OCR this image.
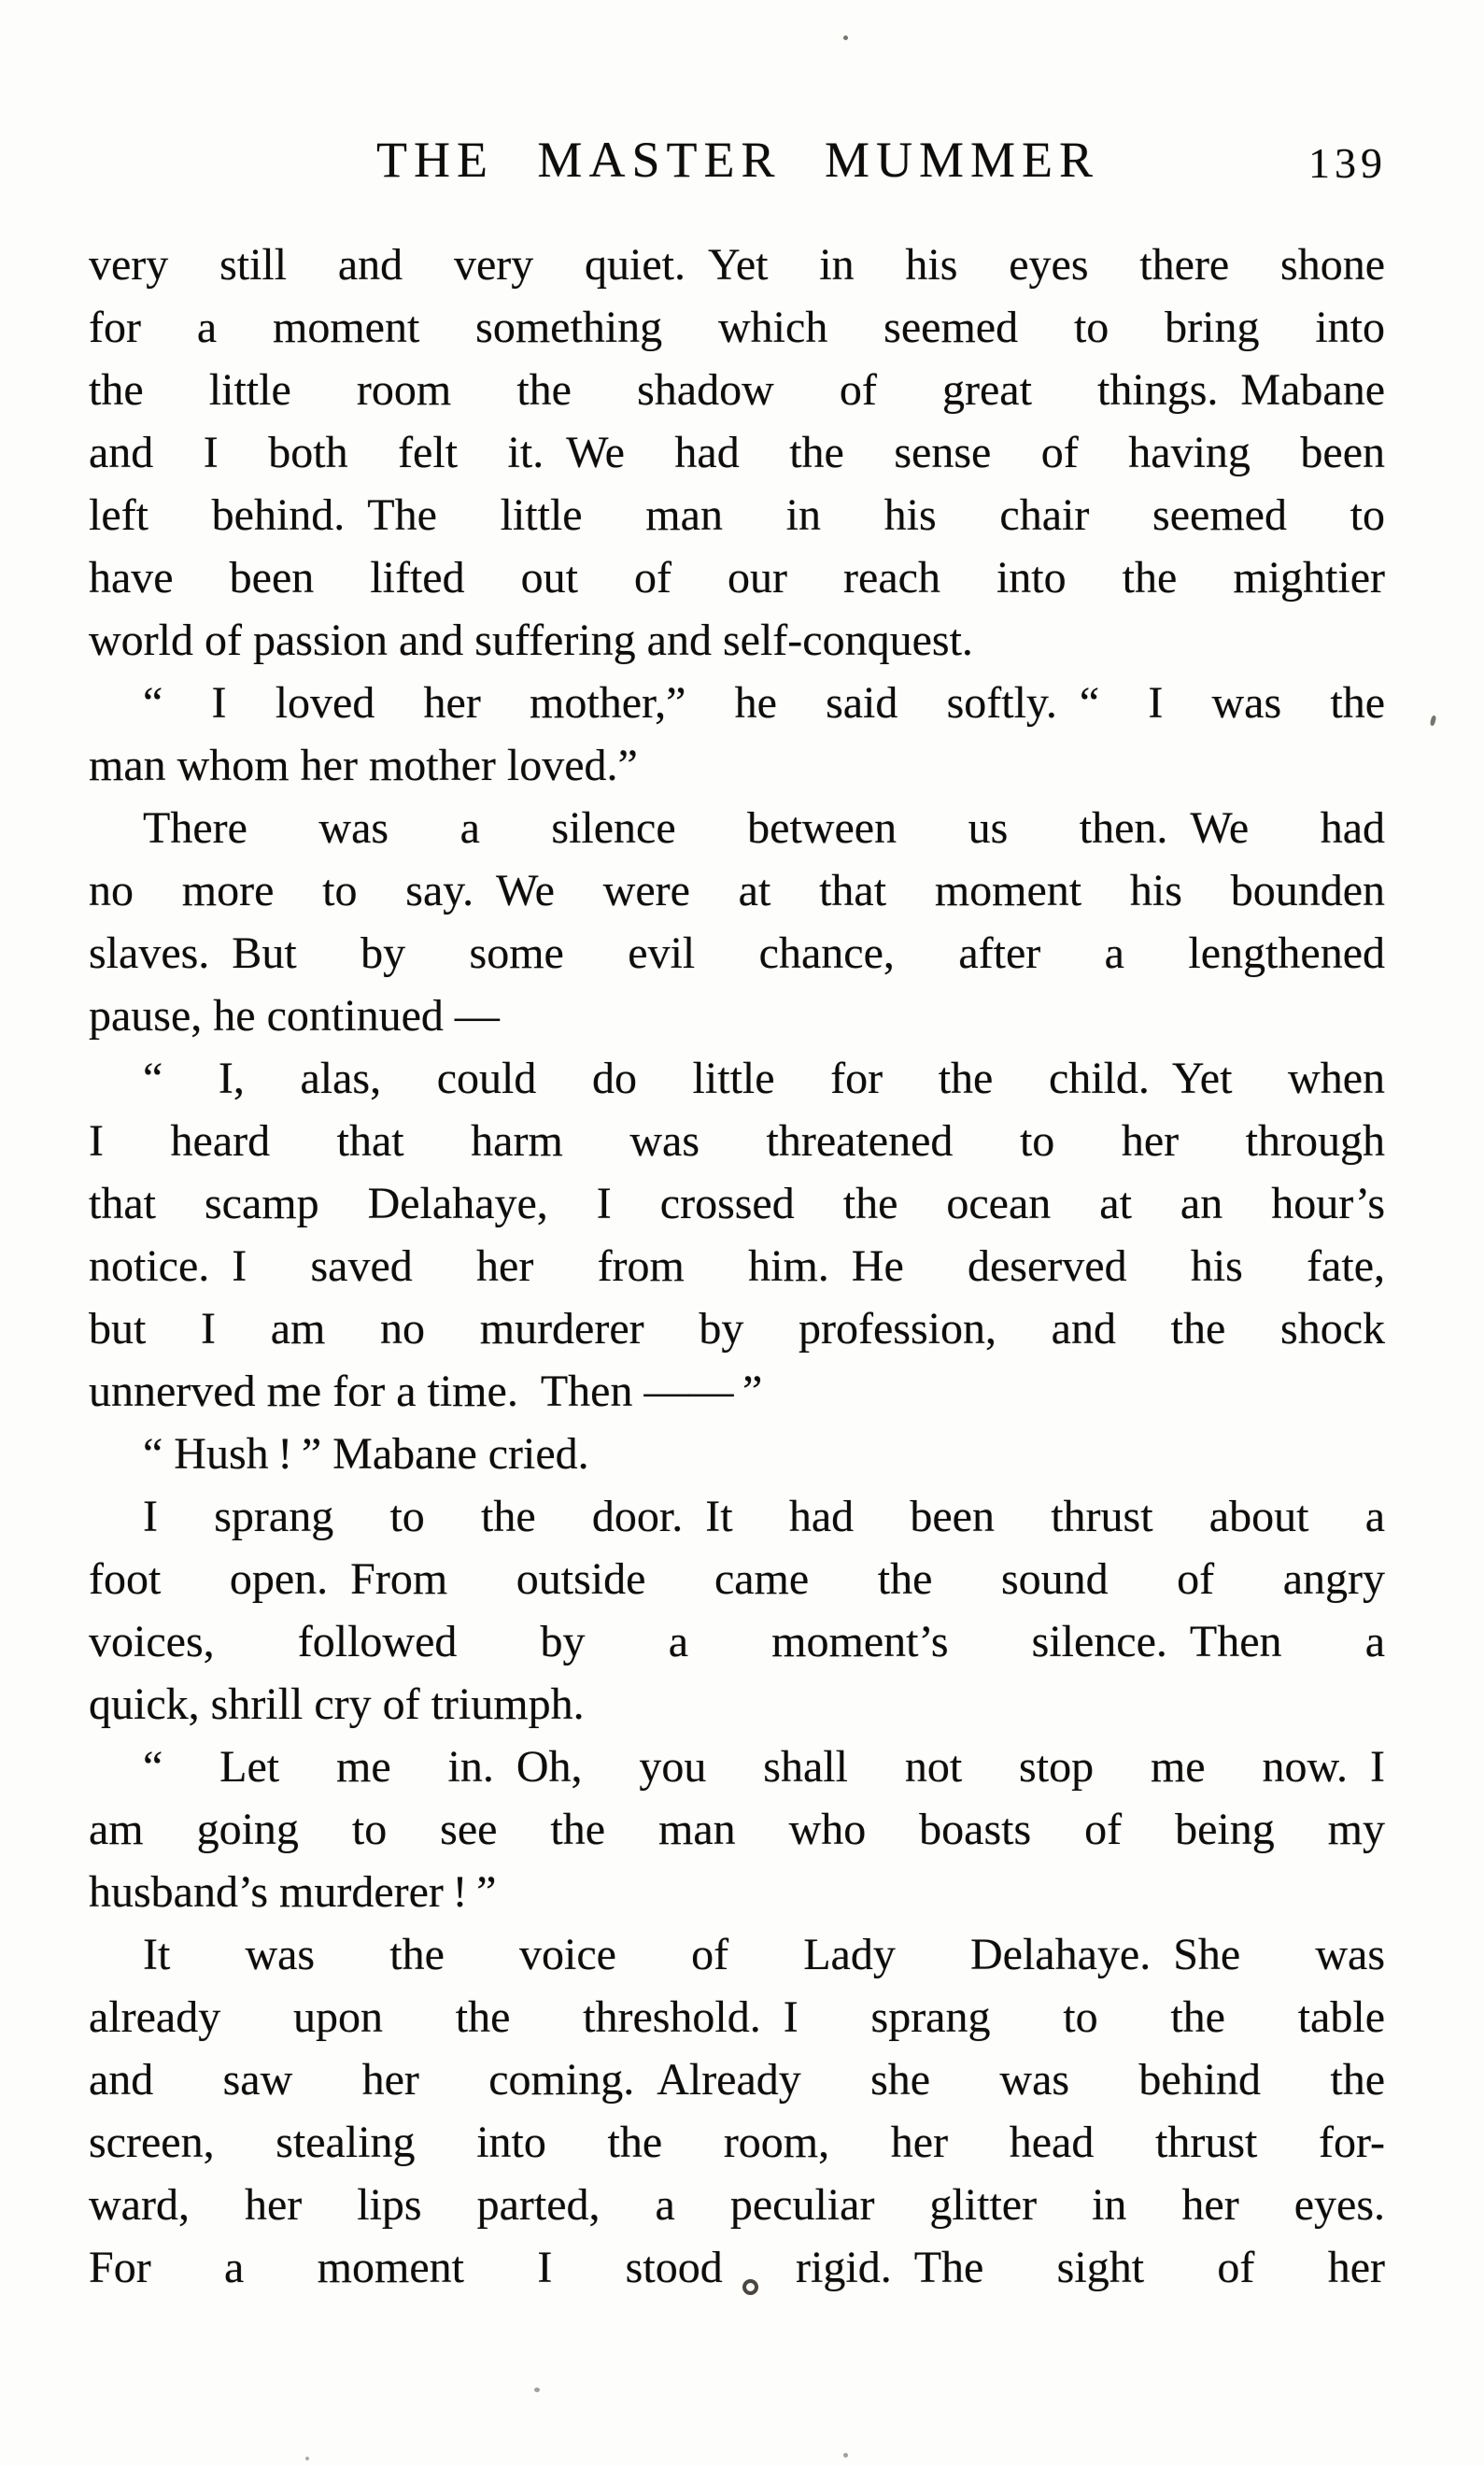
THE MASTER MUMMER	139
very still and very quiet. Yet in his eyes there shone
for a moment something which seemed to bring into
the little room the shadow of great things. Mabane
and I both felt it. We had the sense of having been
left behind. The little man in his chair seemed to
have been lifted out of our reach into the mightier
world of passion and suffering and self-conquest.
“ I loved her mother,” he said softly. “ I was the
man whom her mother loved.”
There was a silence between us then. We had
no more to say. We were at that moment his bounden
slaves. But by some evil chance, after a lengthened
pause, he continued —
“ I, alas, could do little for the child. Yet when
I heard that harm was threatened to her through
that scamp Delahaye, I crossed the ocean at an hour’s
notice. I saved her from him. He deserved his fate,
but I am no murderer by profession, and the shock
unnerved me for a time. Then —— ”
“ Hush ! ” Mabane cried.
I sprang to the door. It had been thrust about a
foot open. From outside came the sound of angry
voices, followed by a moment’s silence. Then a
quick, shrill cry of triumph.
“ Let me in. Oh, you shall not stop me now. I
am going to see the man who boasts of being my
husband’s murderer ! ”
It was the voice of Lady Delahaye. She was
already upon the threshold. I sprang to the table
and saw her coming. Already she was behind the
screen, stealing into the room, her head thrust for-
ward, her lips parted, a peculiar glitter in her eyes.
For a moment I stood rigid. The sight of her
